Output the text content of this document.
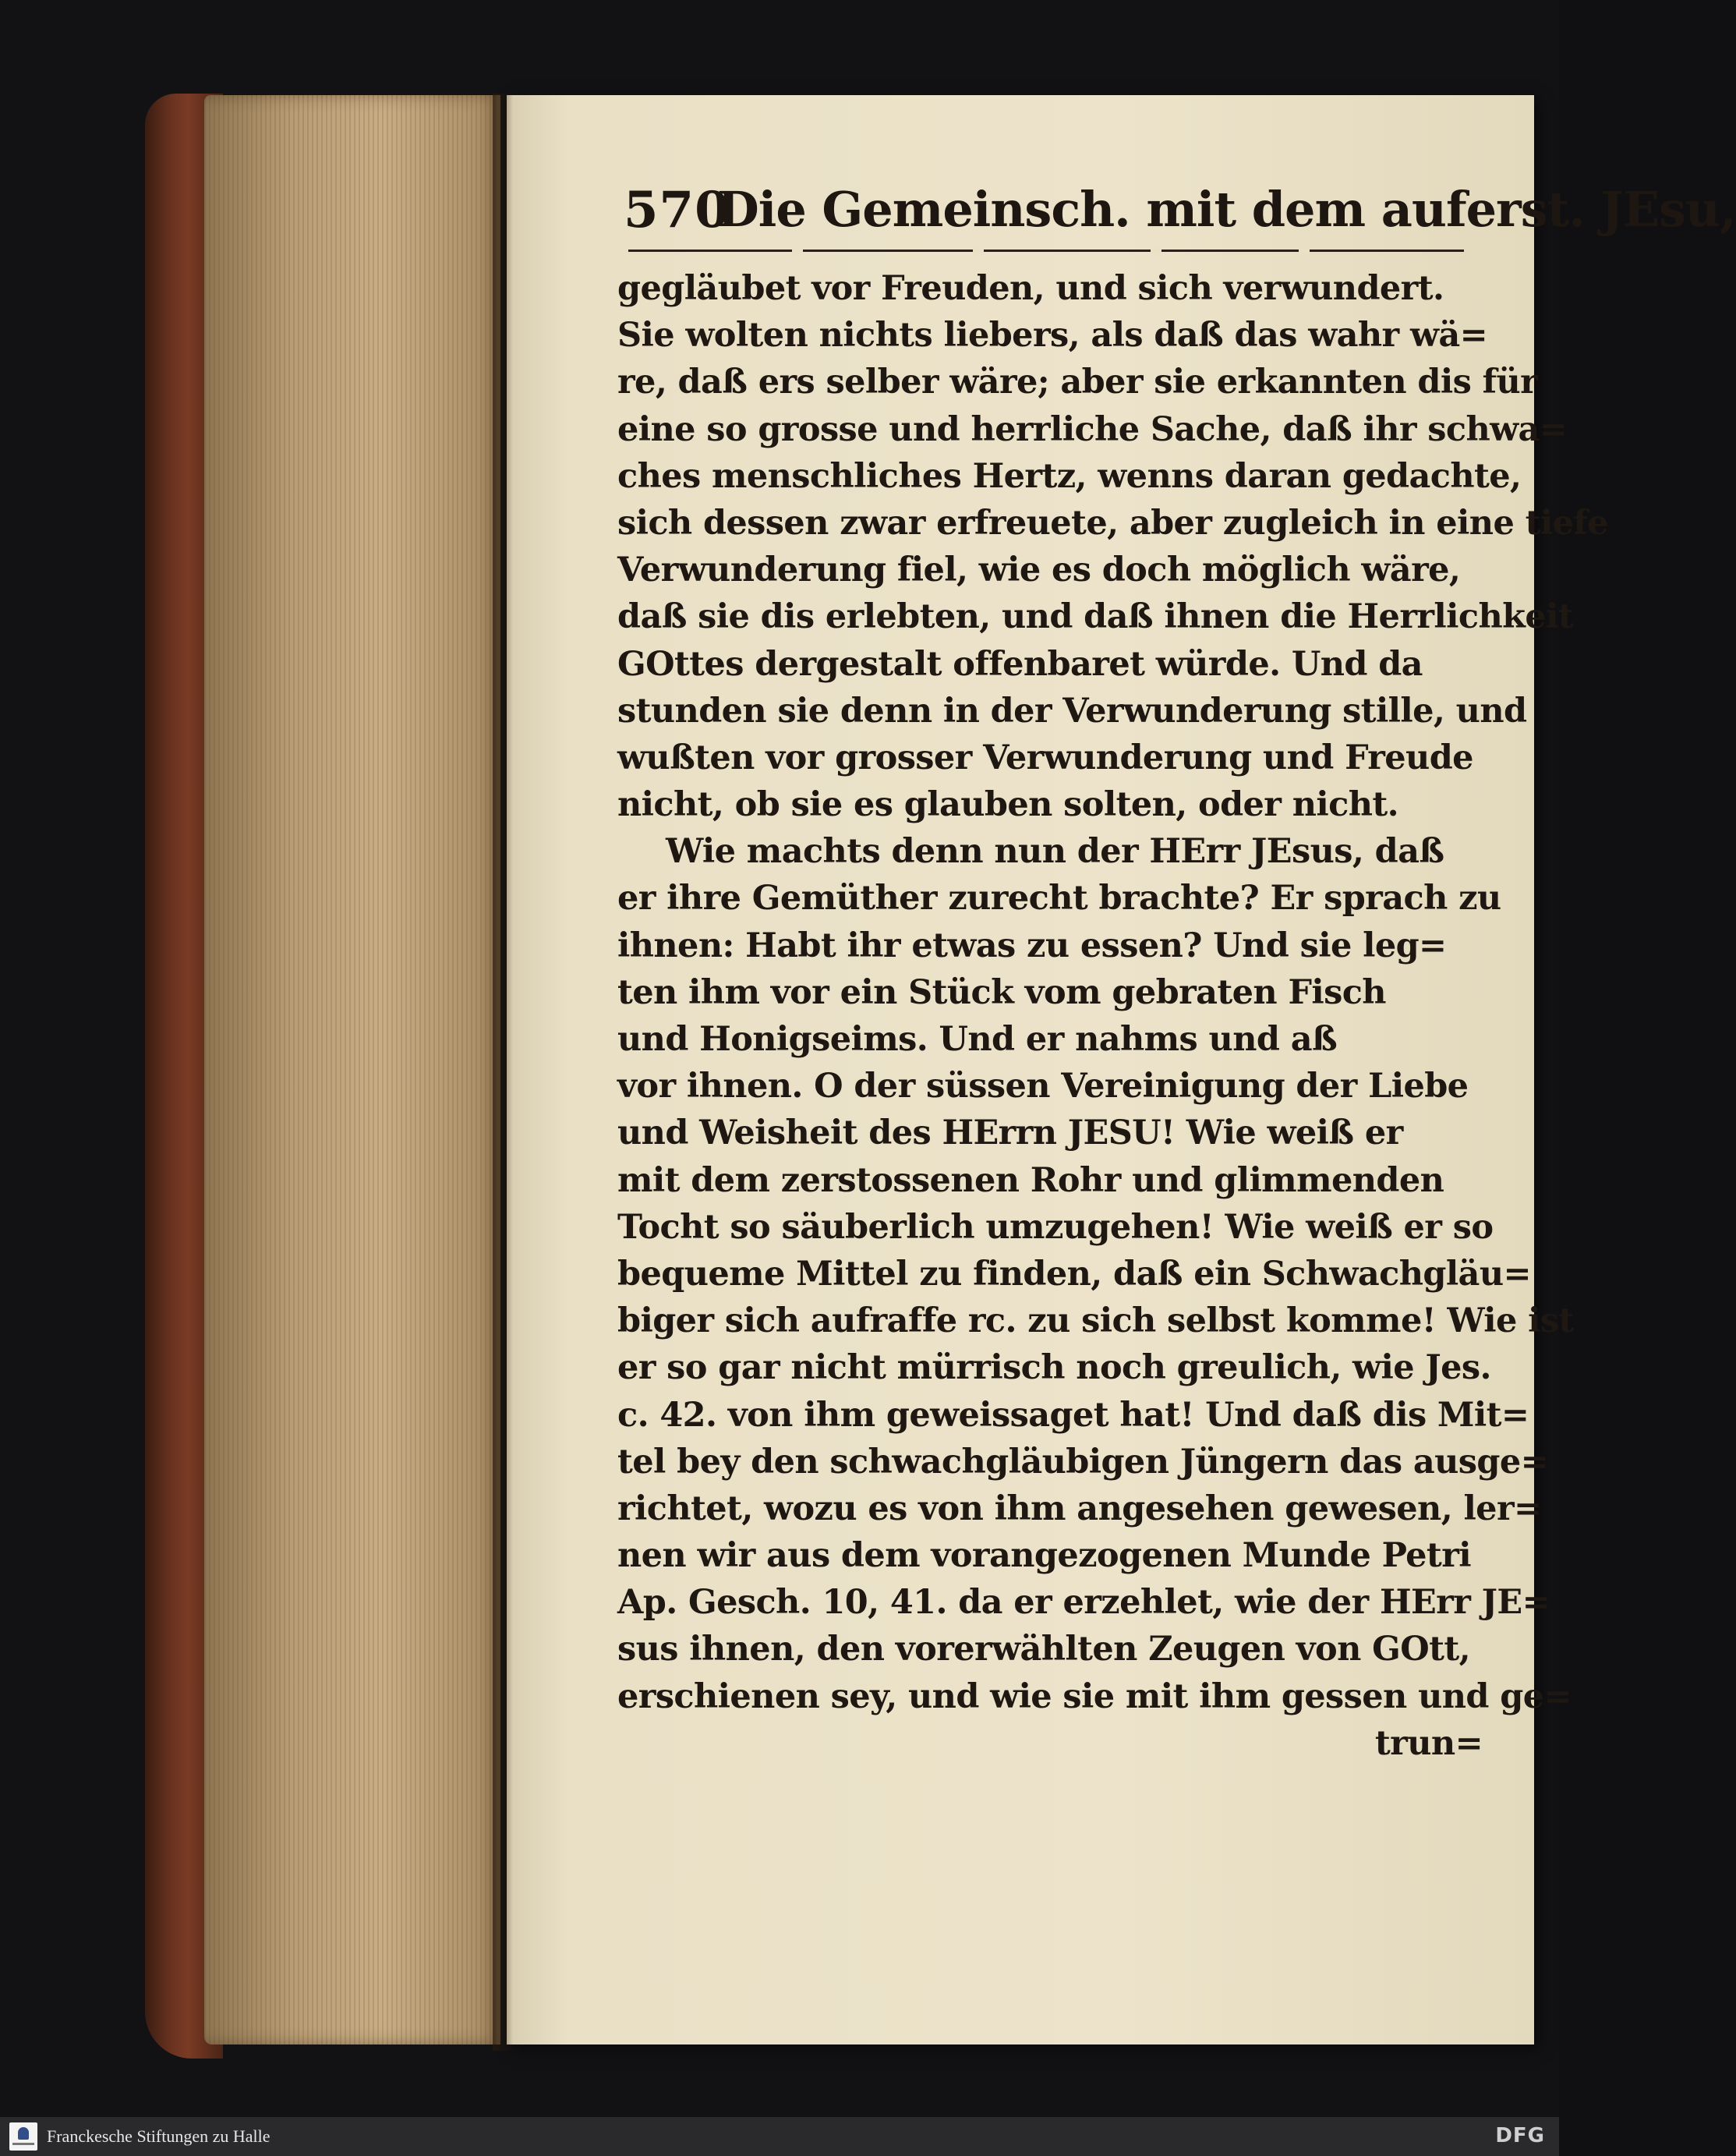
570
Die Gemeinsch. mit dem auferst. JEsu,
gegläubet vor Freuden, und sich verwundert.
Sie wolten nichts liebers, als daß das wahr wä=
re, daß ers selber wäre; aber sie erkannten dis für
eine so grosse und herrliche Sache, daß ihr schwa=
ches menschliches Hertz, wenns daran gedachte,
sich dessen zwar erfreuete, aber zugleich in eine tiefe
Verwunderung fiel, wie es doch möglich wäre,
daß sie dis erlebten, und daß ihnen die Herrlichkeit
GOttes dergestalt offenbaret würde. Und da
stunden sie denn in der Verwunderung stille, und
wußten vor grosser Verwunderung und Freude
nicht, ob sie es glauben solten, oder nicht.
Wie machts denn nun der HErr JEsus, daß
er ihre Gemüther zurecht brachte? Er sprach zu
ihnen: Habt ihr etwas zu essen? Und sie leg=
ten ihm vor ein Stück vom gebraten Fisch
und Honigseims. Und er nahms und aß
vor ihnen. O der süssen Vereinigung der Liebe
und Weisheit des HErrn JESU! Wie weiß er
mit dem zerstossenen Rohr und glimmenden
Tocht so säuberlich umzugehen! Wie weiß er so
bequeme Mittel zu finden, daß ein Schwachgläu=
biger sich aufraffe rc. zu sich selbst komme! Wie ist
er so gar nicht mürrisch noch greulich, wie Jes.
c. 42. von ihm geweissaget hat! Und daß dis Mit=
tel bey den schwachgläubigen Jüngern das ausge=
richtet, wozu es von ihm angesehen gewesen, ler=
nen wir aus dem vorangezogenen Munde Petri
Ap. Gesch. 10, 41. da er erzehlet, wie der HErr JE=
sus ihnen, den vorerwählten Zeugen von GOtt,
erschienen sey, und wie sie mit ihm gessen und ge=
trun=
Franckesche Stiftungen zu Halle	DFG
